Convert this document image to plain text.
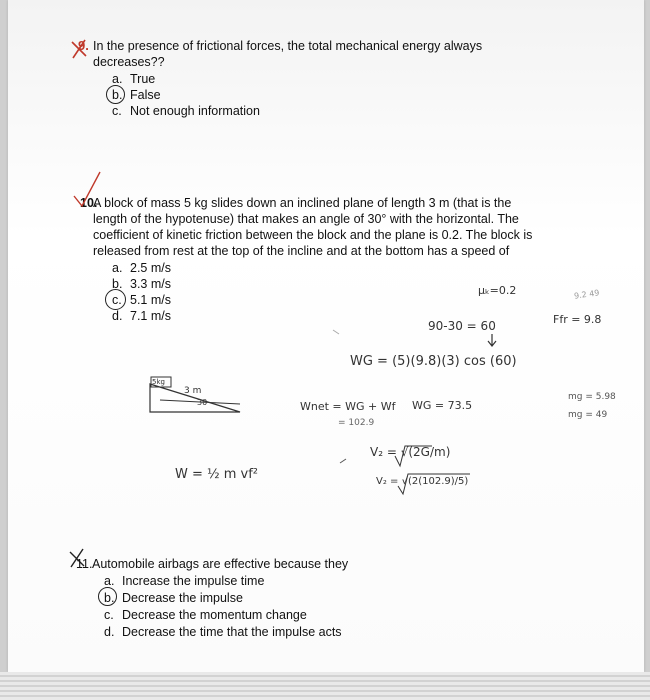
9. In the presence of frictional forces, the total mechanical energy always
decreases??
a. True
b. False
c. Not enough information
10.
A block of mass 5 kg slides down an inclined plane of length 3 m (that is the
length of the hypotenuse) that makes an angle of 30° with the horizontal. The
coefficient of kinetic friction between the block and the plane is 0.2. The block is
released from rest at the top of the incline and at the bottom has a speed of
a. 2.5 m/s
b. 3.3 m/s
c. 5.1 m/s
d. 7.1 m/s
μₖ=0.2	9.2 49
90-30 = 60	Ffr = 9.8
WG = (5)(9.8)(3) cos (60)
mg = 5.98
mg = 49
Wnet = WG + Wf
= 102.9
WG = 73.5
W = ½ m vf²
V₂ = √(2G/m)
V₂ = √(2(102.9)/5)
5kg
3 m
30
11. Automobile airbags are effective because they
a. Increase the impulse time
b. Decrease the impulse
c. Decrease the momentum change
d. Decrease the time that the impulse acts
